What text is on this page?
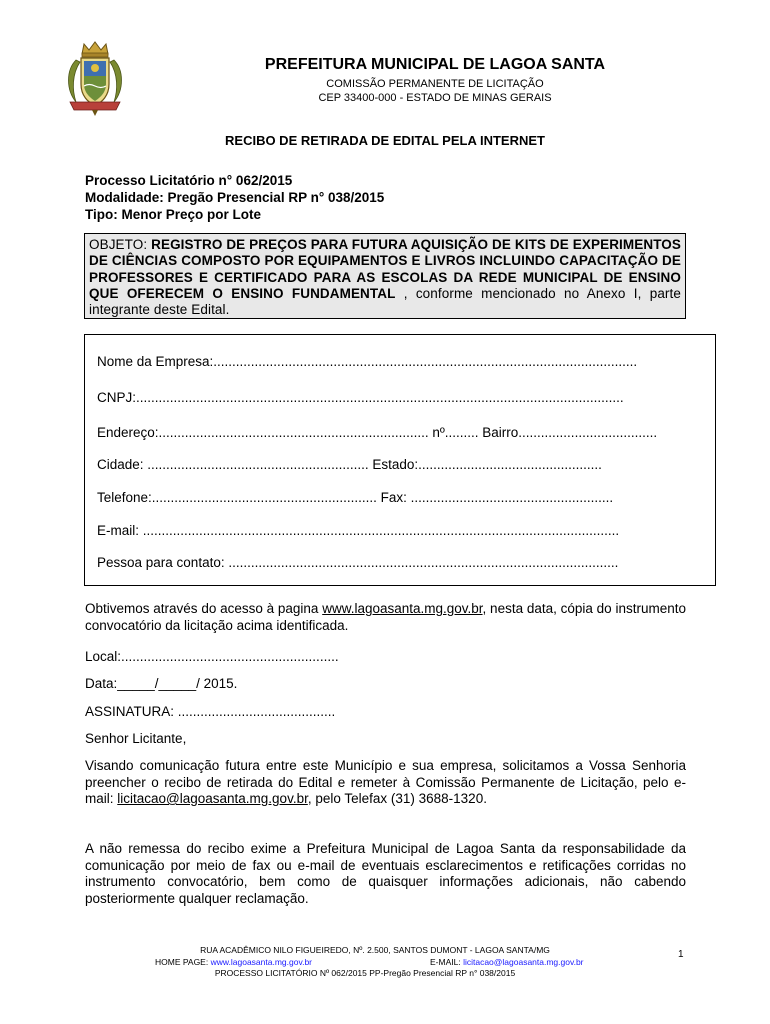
PREFEITURA MUNICIPAL DE LAGOA SANTA
COMISSÃO PERMANENTE DE LICITAÇÃO
CEP 33400-000 - ESTADO DE MINAS GERAIS
RECIBO DE RETIRADA DE EDITAL PELA INTERNET
Processo Licitatório n° 062/2015
Modalidade: Pregão Presencial RP n° 038/2015
Tipo: Menor Preço por Lote
OBJETO: REGISTRO DE PREÇOS PARA FUTURA AQUISIÇÃO DE KITS DE EXPERIMENTOS DE CIÊNCIAS COMPOSTO POR EQUIPAMENTOS E LIVROS INCLUINDO CAPACITAÇÃO DE PROFESSORES E CERTIFICADO PARA AS ESCOLAS DA REDE MUNICIPAL DE ENSINO QUE OFERECEM O ENSINO FUNDAMENTAL , conforme mencionado no Anexo I, parte integrante deste Edital.
Nome da Empresa:.................................................................................................................
CNPJ:..................................................................................................................................
Endereço:........................................................................ nº......... Bairro.....................................
Cidade: ........................................................... Estado:.................................................
Telefone:............................................................ Fax: ......................................................
E-mail: ...............................................................................................................................
Pessoa para contato: ........................................................................................................
Obtivemos através do acesso à pagina www.lagoasanta.mg.gov.br, nesta data, cópia do instrumento convocatório da licitação acima identificada.
Local:..........................................................
Data:_____/_____/ 2015.
ASSINATURA: ..........................................
Senhor Licitante,
Visando comunicação futura entre este Município e sua empresa, solicitamos a Vossa Senhoria preencher o recibo de retirada do Edital e remeter à Comissão Permanente de Licitação, pelo e-mail: licitacao@lagoasanta.mg.gov.br, pelo Telefax (31) 3688-1320.
A não remessa do recibo exime a Prefeitura Municipal de Lagoa Santa da responsabilidade da comunicação por meio de fax ou e-mail de eventuais esclarecimentos e retificações corridas no instrumento convocatório, bem como de quaisquer informações adicionais, não cabendo posteriormente qualquer reclamação.
RUA ACADÊMICO NILO FIGUEIREDO, Nº. 2.500, SANTOS DUMONT - LAGOA SANTA/MG
HOME PAGE: www.lagoasanta.mg.gov.br	E-MAIL: licitacao@lagoasanta.mg.gov.br
PROCESSO LICITATÓRIO Nº 062/2015 PP-Pregão Presencial RP n° 038/2015
1
